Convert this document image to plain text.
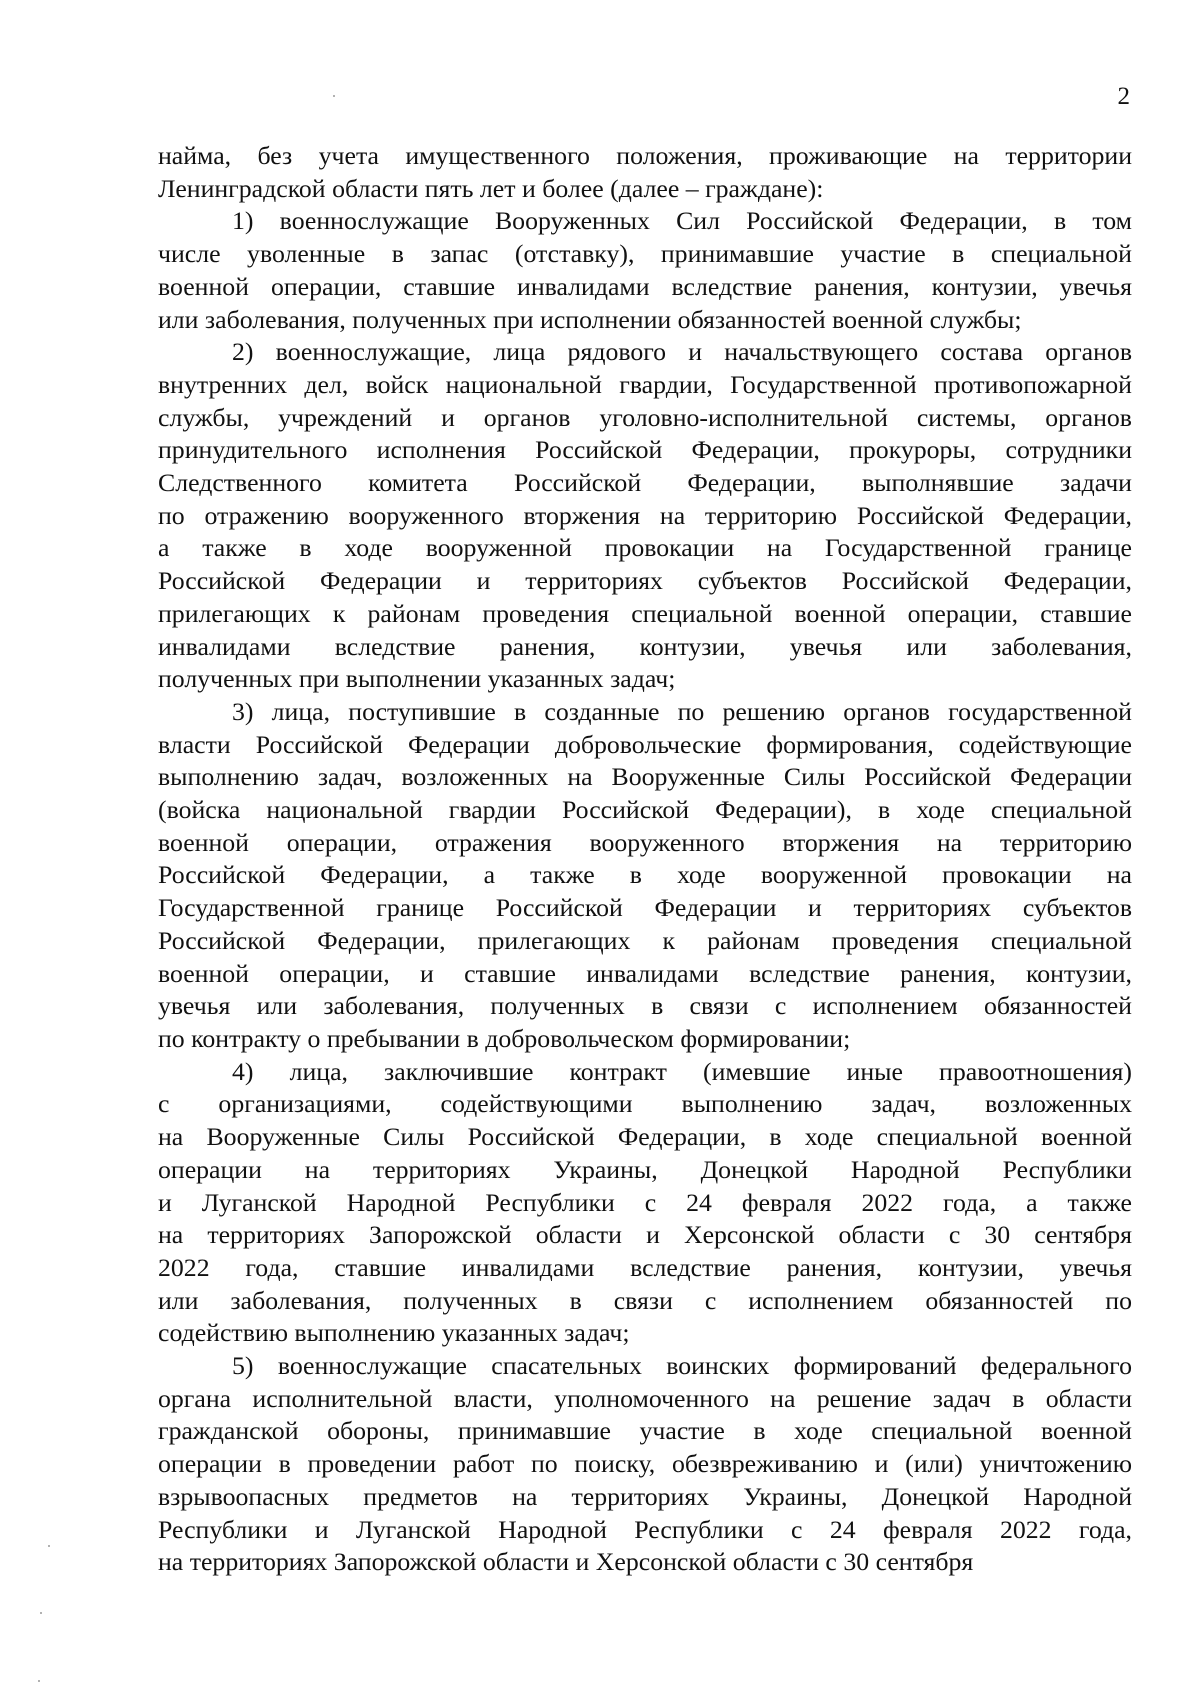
2
найма, без учета имущественного положения, проживающие на территории
Ленинградской области пять лет и более (далее – граждане):
1) военнослужащие Вооруженных Сил Российской Федерации, в том
числе уволенные в запас (отставку), принимавшие участие в специальной
военной операции, ставшие инвалидами вследствие ранения, контузии, увечья
или заболевания, полученных при исполнении обязанностей военной службы;
2) военнослужащие, лица рядового и начальствующего состава органов
внутренних дел, войск национальной гвардии, Государственной противопожарной
службы, учреждений и органов уголовно-исполнительной системы, органов
принудительного исполнения Российской Федерации, прокуроры, сотрудники
Следственного комитета Российской Федерации, выполнявшие задачи
по отражению вооруженного вторжения на территорию Российской Федерации,
а также в ходе вооруженной провокации на Государственной границе
Российской Федерации и территориях субъектов Российской Федерации,
прилегающих к районам проведения специальной военной операции, ставшие
инвалидами вследствие ранения, контузии, увечья или заболевания,
полученных при выполнении указанных задач;
3) лица, поступившие в созданные по решению органов государственной
власти Российской Федерации добровольческие формирования, содействующие
выполнению задач, возложенных на Вооруженные Силы Российской Федерации
(войска национальной гвардии Российской Федерации), в ходе специальной
военной операции, отражения вооруженного вторжения на территорию
Российской Федерации, а также в ходе вооруженной провокации на
Государственной границе Российской Федерации и территориях субъектов
Российской Федерации, прилегающих к районам проведения специальной
военной операции, и ставшие инвалидами вследствие ранения, контузии,
увечья или заболевания, полученных в связи с исполнением обязанностей
по контракту о пребывании в добровольческом формировании;
4) лица, заключившие контракт (имевшие иные правоотношения)
с организациями, содействующими выполнению задач, возложенных
на Вооруженные Силы Российской Федерации, в ходе специальной военной
операции на территориях Украины, Донецкой Народной Республики
и Луганской Народной Республики с 24 февраля 2022 года, а также
на территориях Запорожской области и Херсонской области с 30 сентября
2022 года, ставшие инвалидами вследствие ранения, контузии, увечья
или заболевания, полученных в связи с исполнением обязанностей по
содействию выполнению указанных задач;
5) военнослужащие спасательных воинских формирований федерального
органа исполнительной власти, уполномоченного на решение задач в области
гражданской обороны, принимавшие участие в ходе специальной военной
операции в проведении работ по поиску, обезвреживанию и (или) уничтожению
взрывоопасных предметов на территориях Украины, Донецкой Народной
Республики и Луганской Народной Республики с 24 февраля 2022 года,
на территориях Запорожской области и Херсонской области с 30 сентября
